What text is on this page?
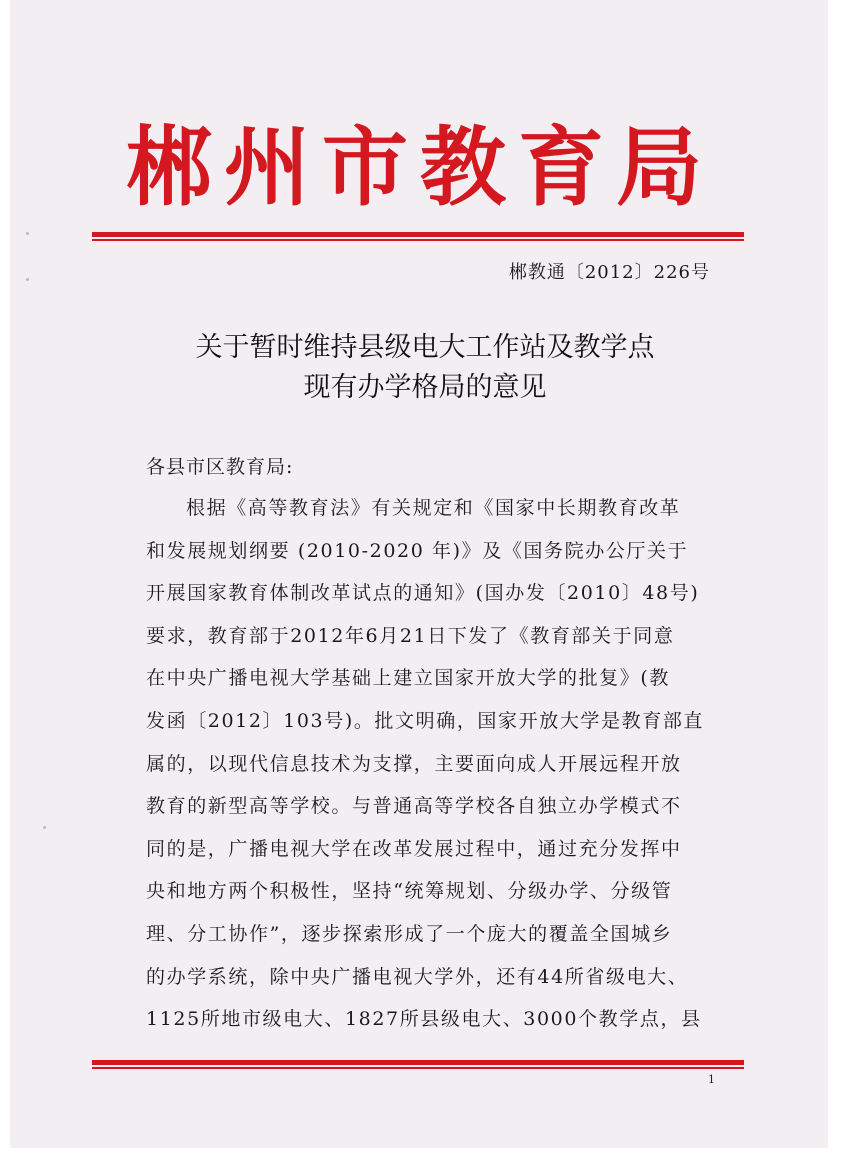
郴州市教育局
郴教通〔2012〕226号
关于暂时维持县级电大工作站及教学点
现有办学格局的意见
各县市区教育局:
根据《高等教育法》有关规定和《国家中长期教育改革
和发展规划纲要 (2010-2020 年)》及《国务院办公厅关于
开展国家教育体制改革试点的通知》(国办发〔2010〕48号)
要求，教育部于2012年6月21日下发了《教育部关于同意
在中央广播电视大学基础上建立国家开放大学的批复》(教
发函〔2012〕103号)。批文明确，国家开放大学是教育部直
属的，以现代信息技术为支撑，主要面向成人开展远程开放
教育的新型高等学校。与普通高等学校各自独立办学模式不
同的是，广播电视大学在改革发展过程中，通过充分发挥中
央和地方两个积极性，坚持“统筹规划、分级办学、分级管
理、分工协作”，逐步探索形成了一个庞大的覆盖全国城乡
的办学系统，除中央广播电视大学外，还有44所省级电大、
1125所地市级电大、1827所县级电大、3000个教学点，县
1
